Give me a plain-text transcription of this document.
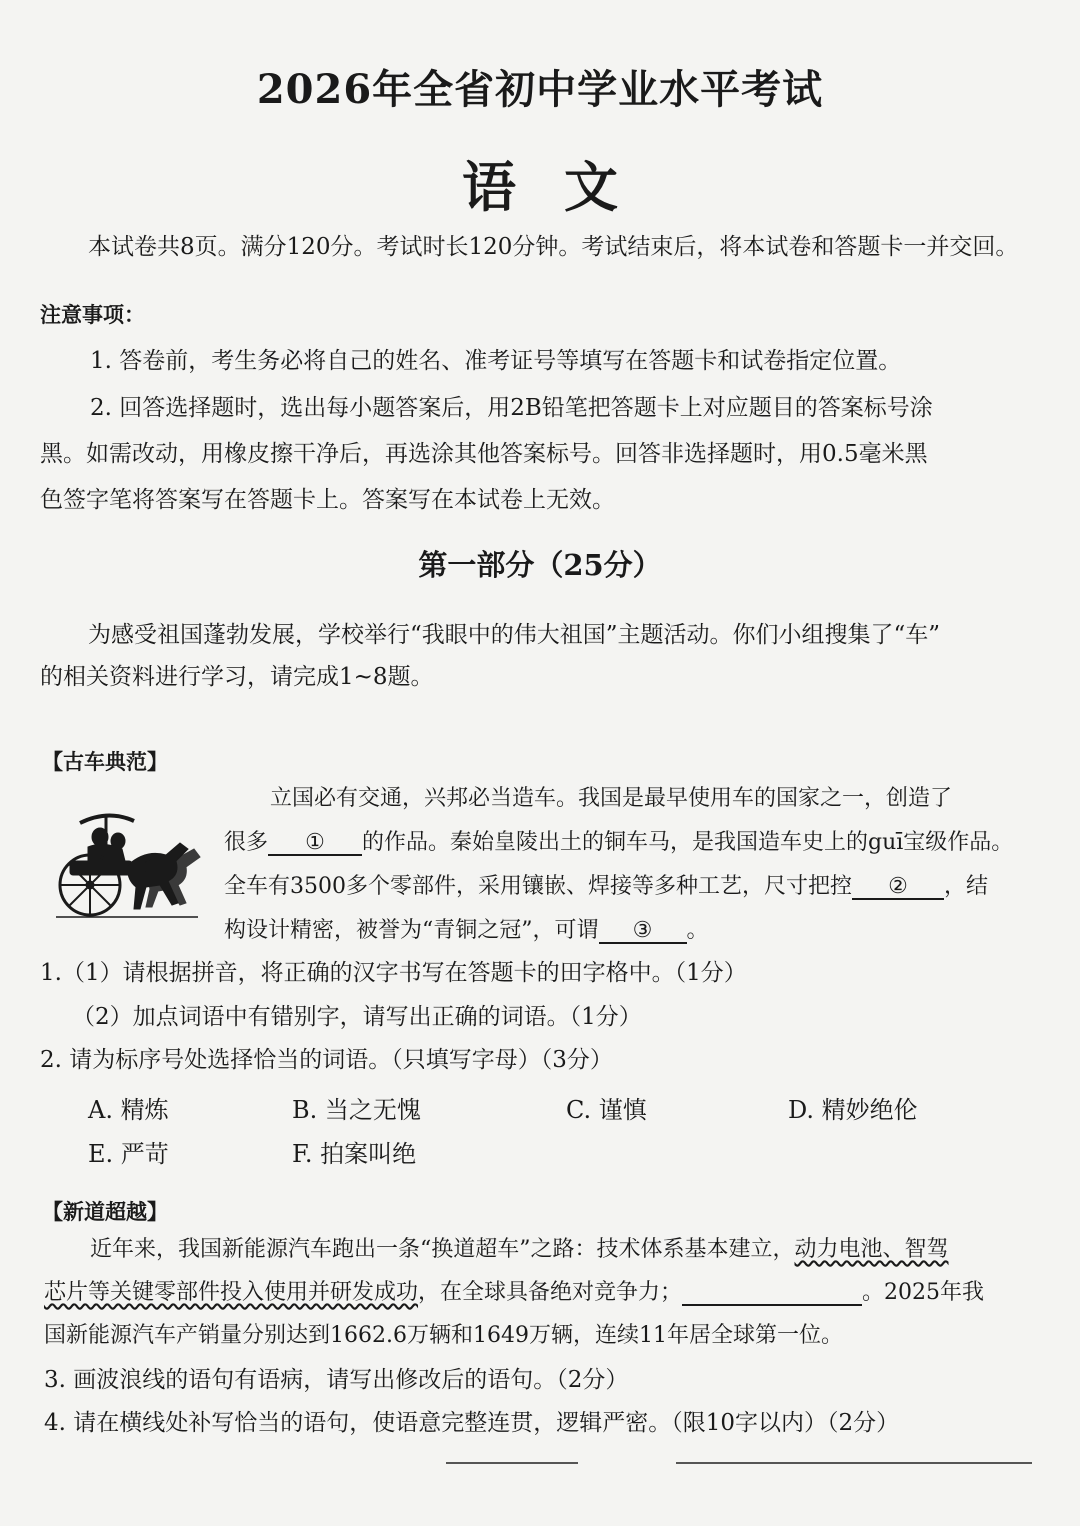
2026年全省初中学业水平考试
语文
本试卷共8页。满分120分。考试时长120分钟。考试结束后，将本试卷和答题卡一并交回。
注意事项：
1. 答卷前，考生务必将自己的姓名、准考证号等填写在答题卡和试卷指定位置。
2. 回答选择题时，选出每小题答案后，用2B铅笔把答题卡上对应题目的答案标号涂
黑。如需改动，用橡皮擦干净后，再选涂其他答案标号。回答非选择题时，用0.5毫米黑
色签字笔将答案写在答题卡上。答案写在本试卷上无效。
第一部分（25分）
为感受祖国蓬勃发展，学校举行“我眼中的伟大祖国”主题活动。你们小组搜集了“车”
的相关资料进行学习，请完成1~8题。
【古车典范】
立国必有交通，兴邦必当造车。我国是最早使用车的国家之一，创造了
很多 ① 的作品。秦始皇陵出土的铜车马，是我国造车史上的guī宝级作品。
全车有3500多个零部件，采用镶嵌、焊接等多种工艺，尺寸把控 ② ，结
构设计精密，被誉为“青铜之冠”，可谓 ③ 。
1.（1）请根据拼音，将正确的汉字书写在答题卡的田字格中。（1分）
（2）加点词语中有错别字，请写出正确的词语。（1分）
2. 请为标序号处选择恰当的词语。（只填写字母）（3分）
A. 精炼	B. 当之无愧	C. 谨慎	D. 精妙绝伦
E. 严苛	F. 拍案叫绝
【新道超越】
近年来，我国新能源汽车跑出一条“换道超车”之路：技术体系基本建立，动力电池、智驾
芯片等关键零部件投入使用并研发成功，在全球具备绝对竞争力；	。2025年我
国新能源汽车产销量分别达到1662.6万辆和1649万辆，连续11年居全球第一位。
3. 画波浪线的语句有语病，请写出修改后的语句。（2分）
4. 请在横线处补写恰当的语句，使语意完整连贯，逻辑严密。（限10字以内）（2分）
